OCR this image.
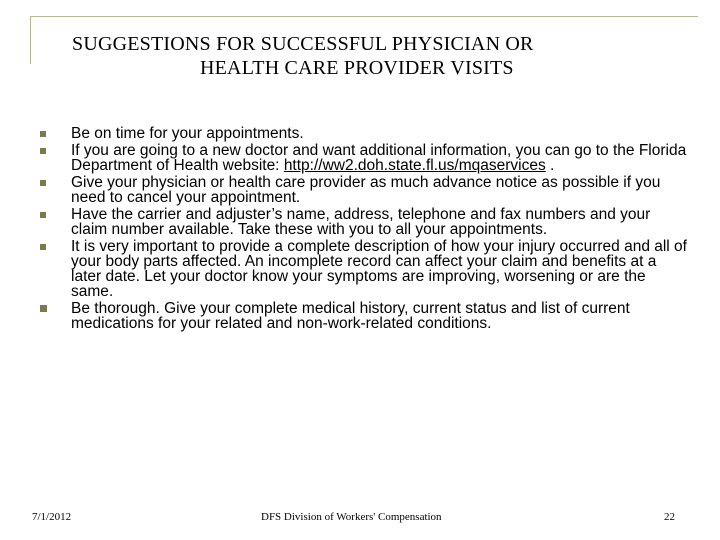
SUGGESTIONS FOR SUCCESSFUL PHYSICIAN OR
HEALTH CARE PROVIDER VISITS
Be on time for your appointments.
If you are going to a new doctor and want additional information, you can go to the Florida Department of Health website: http://ww2.doh.state.fl.us/mqaservices .
Give your physician or health care provider as much advance notice as possible if you need to cancel your appointment.
Have the carrier and adjuster’s name, address, telephone and fax numbers and your claim number available. Take these with you to all your appointments.
It is very important to provide a complete description of how your injury occurred and all of your body parts affected. An incomplete record can affect your claim and benefits at a later date. Let your doctor know your symptoms are improving, worsening or are the same.
Be thorough. Give your complete medical history, current status and list of current medications for your related and non-work-related conditions.
7/1/2012	DFS Division of Workers' Compensation	22
